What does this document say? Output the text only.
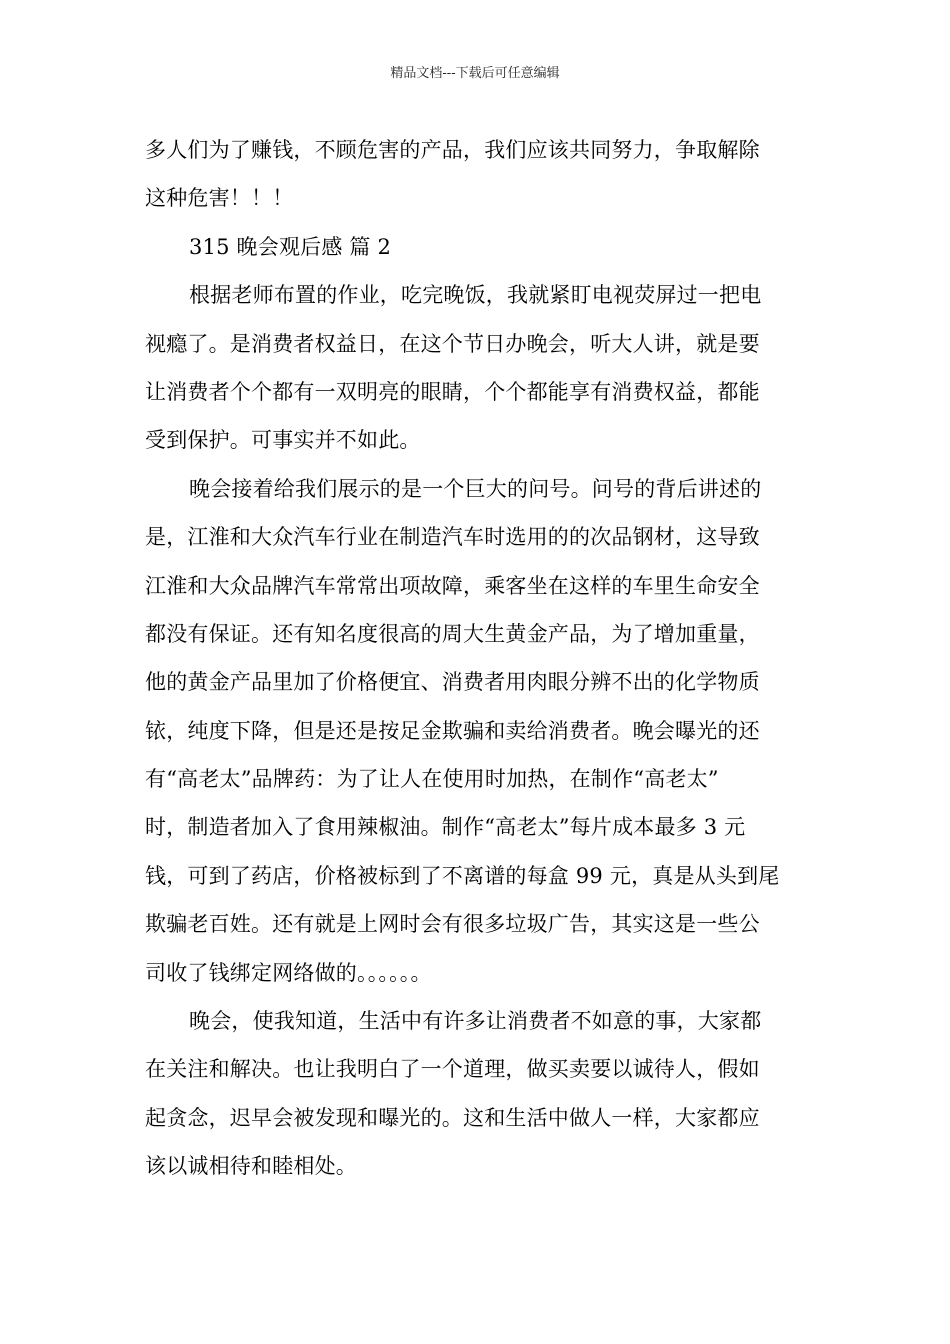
精品文档---下载后可任意编辑
多人们为了赚钱，不顾危害的产品，我们应该共同努力，争取解除
这种危害！！！
315 晚会观后感 篇 2
根据老师布置的作业，吃完晚饭，我就紧盯电视荧屏过一把电
视瘾了。是消费者权益日，在这个节日办晚会，听大人讲，就是要
让消费者个个都有一双明亮的眼睛，个个都能享有消费权益，都能
受到保护。可事实并不如此。
晚会接着给我们展示的是一个巨大的问号。问号的背后讲述的
是，江淮和大众汽车行业在制造汽车时选用的的次品钢材，这导致
江淮和大众品牌汽车常常出项故障，乘客坐在这样的车里生命安全
都没有保证。还有知名度很高的周大生黄金产品，为了增加重量，
他的黄金产品里加了价格便宜、消费者用肉眼分辨不出的化学物质
铱，纯度下降，但是还是按足金欺骗和卖给消费者。晚会曝光的还
有“高老太”品牌药：为了让人在使用时加热，在制作“高老太”
时，制造者加入了食用辣椒油。制作“高老太”每片成本最多 3 元
钱，可到了药店，价格被标到了不离谱的每盒 99 元，真是从头到尾
欺骗老百姓。还有就是上网时会有很多垃圾广告，其实这是一些公
司收了钱绑定网络做的。。。。。。
晚会，使我知道，生活中有许多让消费者不如意的事，大家都
在关注和解决。也让我明白了一个道理，做买卖要以诚待人，假如
起贪念，迟早会被发现和曝光的。这和生活中做人一样，大家都应
该以诚相待和睦相处。
